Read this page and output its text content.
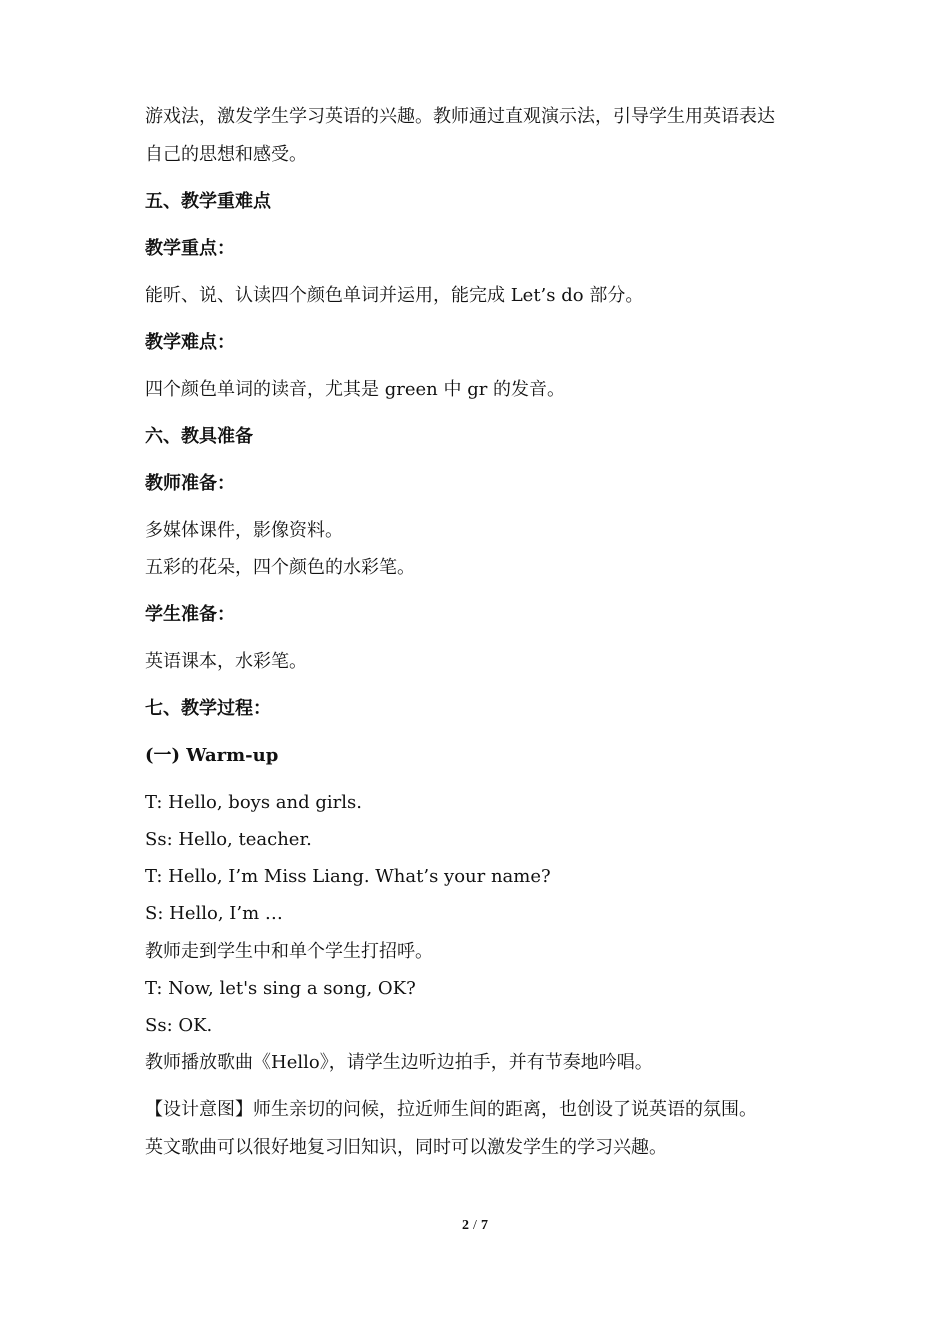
游戏法，激发学生学习英语的兴趣。教师通过直观演示法，引导学生用英语表达
自己的思想和感受。
五、教学重难点
教学重点：
能听、说、认读四个颜色单词并运用，能完成 Let’s do 部分。
教学难点：
四个颜色单词的读音，尤其是 green 中 gr 的发音。
六、教具准备
教师准备：
多媒体课件，影像资料。
五彩的花朵，四个颜色的水彩笔。
学生准备：
英语课本，水彩笔。
七、教学过程：
(一) Warm-up
T: Hello, boys and girls.
Ss: Hello, teacher.
T: Hello, I’m Miss Liang. What’s your name?
S: Hello, I’m …
教师走到学生中和单个学生打招呼。
T: Now, let's sing a song, OK?
Ss: OK.
教师播放歌曲《Hello》，请学生边听边拍手，并有节奏地吟唱。
【设计意图】师生亲切的问候，拉近师生间的距离，也创设了说英语的氛围。
英文歌曲可以很好地复习旧知识，同时可以激发学生的学习兴趣。
2 / 7
